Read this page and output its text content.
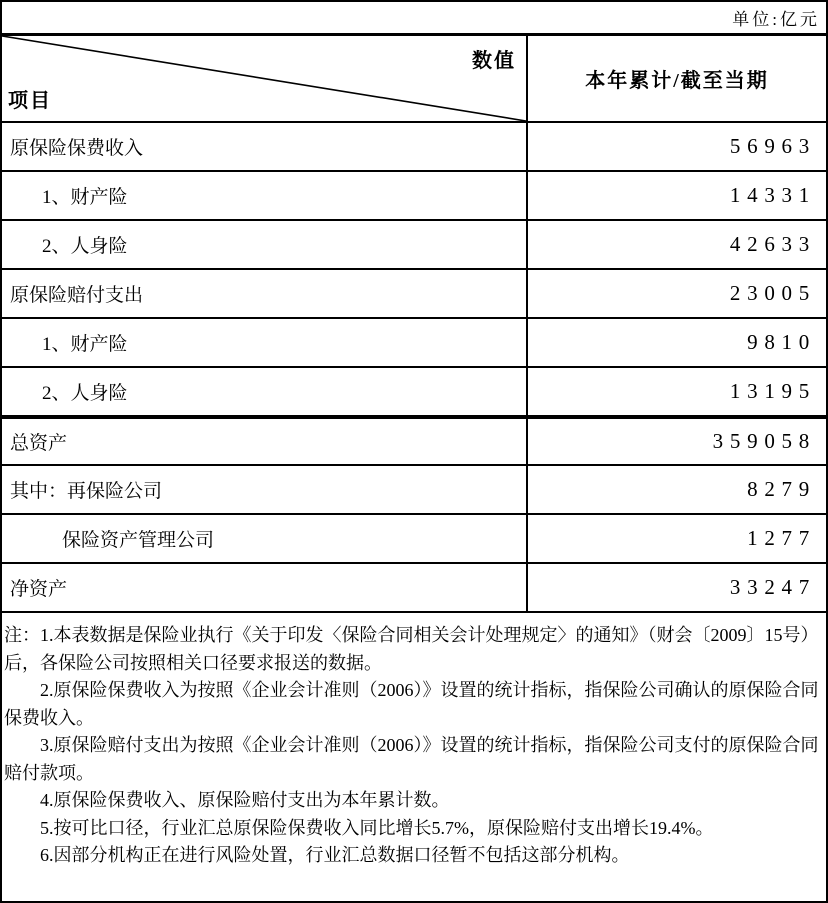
单位:亿元
数值
项目
本年累计/截至当期
原保险保费收入	56963
1、财产险	14331
2、人身险	42633
原保险赔付支出	23005
1、财产险	9810
2、人身险	13195
总资产	359058
其中：再保险公司	8279
保险资产管理公司	1277
净资产	33247

注：1.本表数据是保险业执行《关于印发〈保险合同相关会计处理规定〉的通知》（财会〔2009〕15号）后，各保险公司按照相关口径要求报送的数据。

2.原保险保费收入为按照《企业会计准则（2006）》设置的统计指标，指保险公司确认的原保险合同保费收入。

3.原保险赔付支出为按照《企业会计准则（2006）》设置的统计指标，指保险公司支付的原保险合同赔付款项。

4.原保险保费收入、原保险赔付支出为本年累计数。

5.按可比口径，行业汇总原保险保费收入同比增长5.7%，原保险赔付支出增长19.4%。

6.因部分机构正在进行风险处置，行业汇总数据口径暂不包括这部分机构。
